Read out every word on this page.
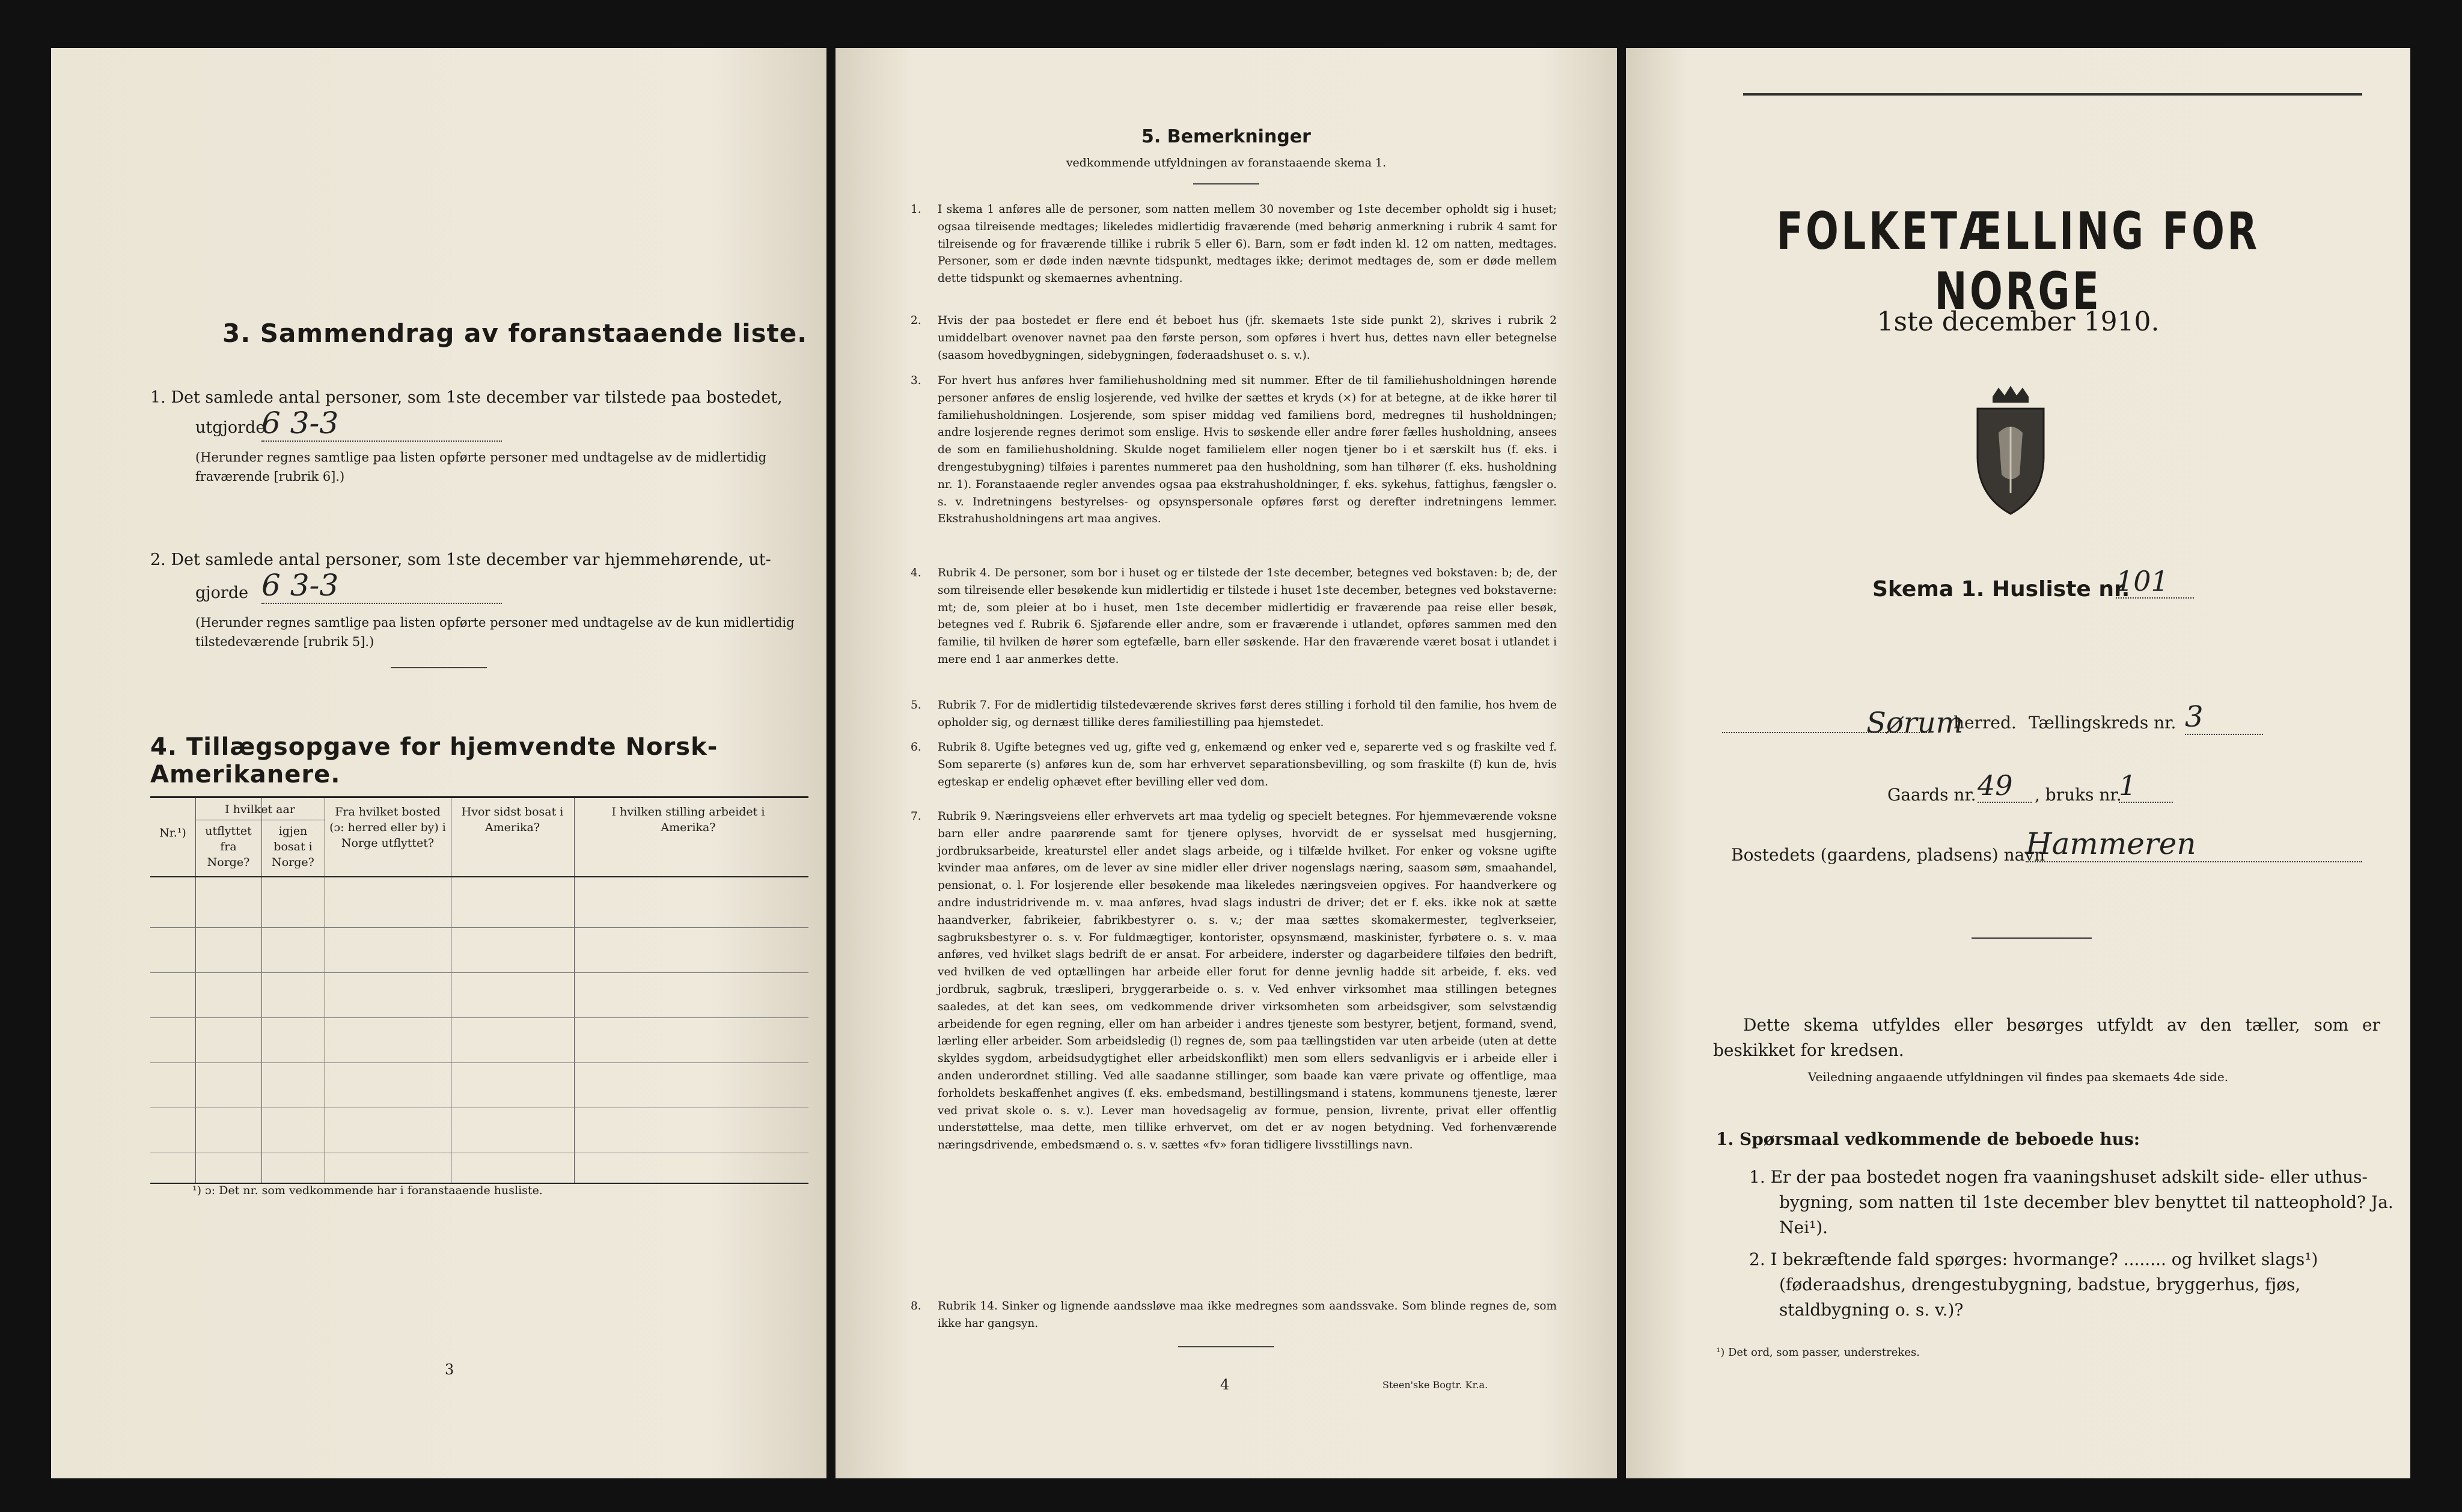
3. Sammendrag av foranstaaende liste.
1. Det samlede antal personer, som 1ste december var tilstede paa bostedet,
utgjorde
6 3-3
(Herunder regnes samtlige paa listen opførte personer med undtagelse av de midlertidig fraværende [rubrik 6].)
2. Det samlede antal personer, som 1ste december var hjemmehørende, ut-
gjorde 6 3-3
(Herunder regnes samtlige paa listen opførte personer med undtagelse av de kun midlertidig tilstedeværende [rubrik 5].)
4. Tillægsopgave for hjemvendte Norsk-Amerikanere.
Nr.¹)
I hvilket aar
utflyttet fra Norge?
igjen bosat i Norge?
Fra hvilket bosted (ɔ: herred eller by) i Norge utflyttet?
Hvor sidst bosat i Amerika?
I hvilken stilling arbeidet i Amerika?
¹) ɔ: Det nr. som vedkommende har i foranstaaende husliste.
3
5. Bemerkninger
vedkommende utfyldningen av foranstaaende skema 1.
1. I skema 1 anføres alle de personer, som natten mellem 30 november og 1ste december opholdt sig i huset; ogsaa tilreisende medtages; likeledes midlertidig fraværende (med behørig anmerkning i rubrik 4 samt for tilreisende og for fraværende tillike i rubrik 5 eller 6). Barn, som er født inden kl. 12 om natten, medtages. Personer, som er døde inden nævnte tidspunkt, medtages ikke; derimot medtages de, som er døde mellem dette tidspunkt og skemaernes avhentning.
2. Hvis der paa bostedet er flere end ét beboet hus (jfr. skemaets 1ste side punkt 2), skrives i rubrik 2 umiddelbart ovenover navnet paa den første person, som opføres i hvert hus, dettes navn eller betegnelse (saasom hovedbygningen, sidebygningen, føderaadshuset o. s. v.).
3. For hvert hus anføres hver familiehusholdning med sit nummer. Efter de til familiehusholdningen hørende personer anføres de enslig losjerende, ved hvilke der sættes et kryds (×) for at betegne, at de ikke hører til familiehusholdningen. Losjerende, som spiser middag ved familiens bord, medregnes til husholdningen; andre losjerende regnes derimot som enslige. Hvis to søskende eller andre fører fælles husholdning, ansees de som en familiehusholdning. Skulde noget familielem eller nogen tjener bo i et særskilt hus (f. eks. i drengestubygning) tilføies i parentes nummeret paa den husholdning, som han tilhører (f. eks. husholdning nr. 1). Foranstaaende regler anvendes ogsaa paa ekstrahusholdninger, f. eks. sykehus, fattighus, fængsler o. s. v. Indretningens bestyrelses- og opsynspersonale opføres først og derefter indretningens lemmer. Ekstrahusholdningens art maa angives.
4. Rubrik 4. De personer, som bor i huset og er tilstede der 1ste december, betegnes ved bokstaven: b; de, der som tilreisende eller besøkende kun midlertidig er tilstede i huset 1ste december, betegnes ved bokstaverne: mt; de, som pleier at bo i huset, men 1ste december midlertidig er fraværende paa reise eller besøk, betegnes ved f. Rubrik 6. Sjøfarende eller andre, som er fraværende i utlandet, opføres sammen med den familie, til hvilken de hører som egtefælle, barn eller søskende. Har den fraværende været bosat i utlandet i mere end 1 aar anmerkes dette.
5. Rubrik 7. For de midlertidig tilstedeværende skrives først deres stilling i forhold til den familie, hos hvem de opholder sig, og dernæst tillike deres familiestilling paa hjemstedet.
6. Rubrik 8. Ugifte betegnes ved ug, gifte ved g, enkemænd og enker ved e, separerte ved s og fraskilte ved f. Som separerte (s) anføres kun de, som har erhvervet separationsbevilling, og som fraskilte (f) kun de, hvis egteskap er endelig ophævet efter bevilling eller ved dom.
7. Rubrik 9. Næringsveiens eller erhvervets art maa tydelig og specielt betegnes. For hjemmeværende voksne barn eller andre paarørende samt for tjenere oplyses, hvorvidt de er sysselsat med husgjerning, jordbruksarbeide, kreaturstel eller andet slags arbeide, og i tilfælde hvilket. For enker og voksne ugifte kvinder maa anføres, om de lever av sine midler eller driver nogenslags næring, saasom søm, smaahandel, pensionat, o. l. For losjerende eller besøkende maa likeledes næringsveien opgives. For haandverkere og andre industridrivende m. v. maa anføres, hvad slags industri de driver; det er f. eks. ikke nok at sætte haandverker, fabrikeier, fabrikbestyrer o. s. v.; der maa sættes skomakermester, teglverkseier, sagbruksbestyrer o. s. v. For fuldmægtiger, kontorister, opsynsmænd, maskinister, fyrbøtere o. s. v. maa anføres, ved hvilket slags bedrift de er ansat. For arbeidere, inderster og dagarbeidere tilføies den bedrift, ved hvilken de ved optællingen har arbeide eller forut for denne jevnlig hadde sit arbeide, f. eks. ved jordbruk, sagbruk, træsliperi, bryggerarbeide o. s. v. Ved enhver virksomhet maa stillingen betegnes saaledes, at det kan sees, om vedkommende driver virksomheten som arbeidsgiver, som selvstændig arbeidende for egen regning, eller om han arbeider i andres tjeneste som bestyrer, betjent, formand, svend, lærling eller arbeider. Som arbeidsledig (l) regnes de, som paa tællingstiden var uten arbeide (uten at dette skyldes sygdom, arbeidsudygtighet eller arbeidskonflikt) men som ellers sedvanligvis er i arbeide eller i anden underordnet stilling. Ved alle saadanne stillinger, som baade kan være private og offentlige, maa forholdets beskaffenhet angives (f. eks. embedsmand, bestillingsmand i statens, kommunens tjeneste, lærer ved privat skole o. s. v.). Lever man hovedsagelig av formue, pension, livrente, privat eller offentlig understøttelse, maa dette, men tillike erhvervet, om det er av nogen betydning. Ved forhenværende næringsdrivende, embedsmænd o. s. v. sættes «fv» foran tidligere livsstillings navn.
8. Rubrik 14. Sinker og lignende aandssløve maa ikke medregnes som aandssvake. Som blinde regnes de, som ikke har gangsyn.
4	Steen'ske Bogtr. Kr.a.
FOLKETÆLLING FOR NORGE
1ste december 1910.
Skema 1. Husliste nr.
101
Sørum
herred. Tællingskreds nr. 3
Gaards nr. 49	, bruks nr.
1
Bostedets (gaardens, pladsens) navn
Hammeren
Dette skema utfyldes eller besørges utfyldt av den tæller, som er beskikket for kredsen.
Veiledning angaaende utfyldningen vil findes paa skemaets 4de side.
1. Spørsmaal vedkommende de beboede hus:
1. Er der paa bostedet nogen fra vaaningshuset adskilt side- eller uthus-bygning, som natten til 1ste december blev benyttet til natteophold? Ja. Nei¹).
2. I bekræftende fald spørges: hvormange? ........ og hvilket slags¹) (føderaadshus, drengestubygning, badstue, bryggerhus, fjøs, staldbygning o. s. v.)?
¹) Det ord, som passer, understrekes.
